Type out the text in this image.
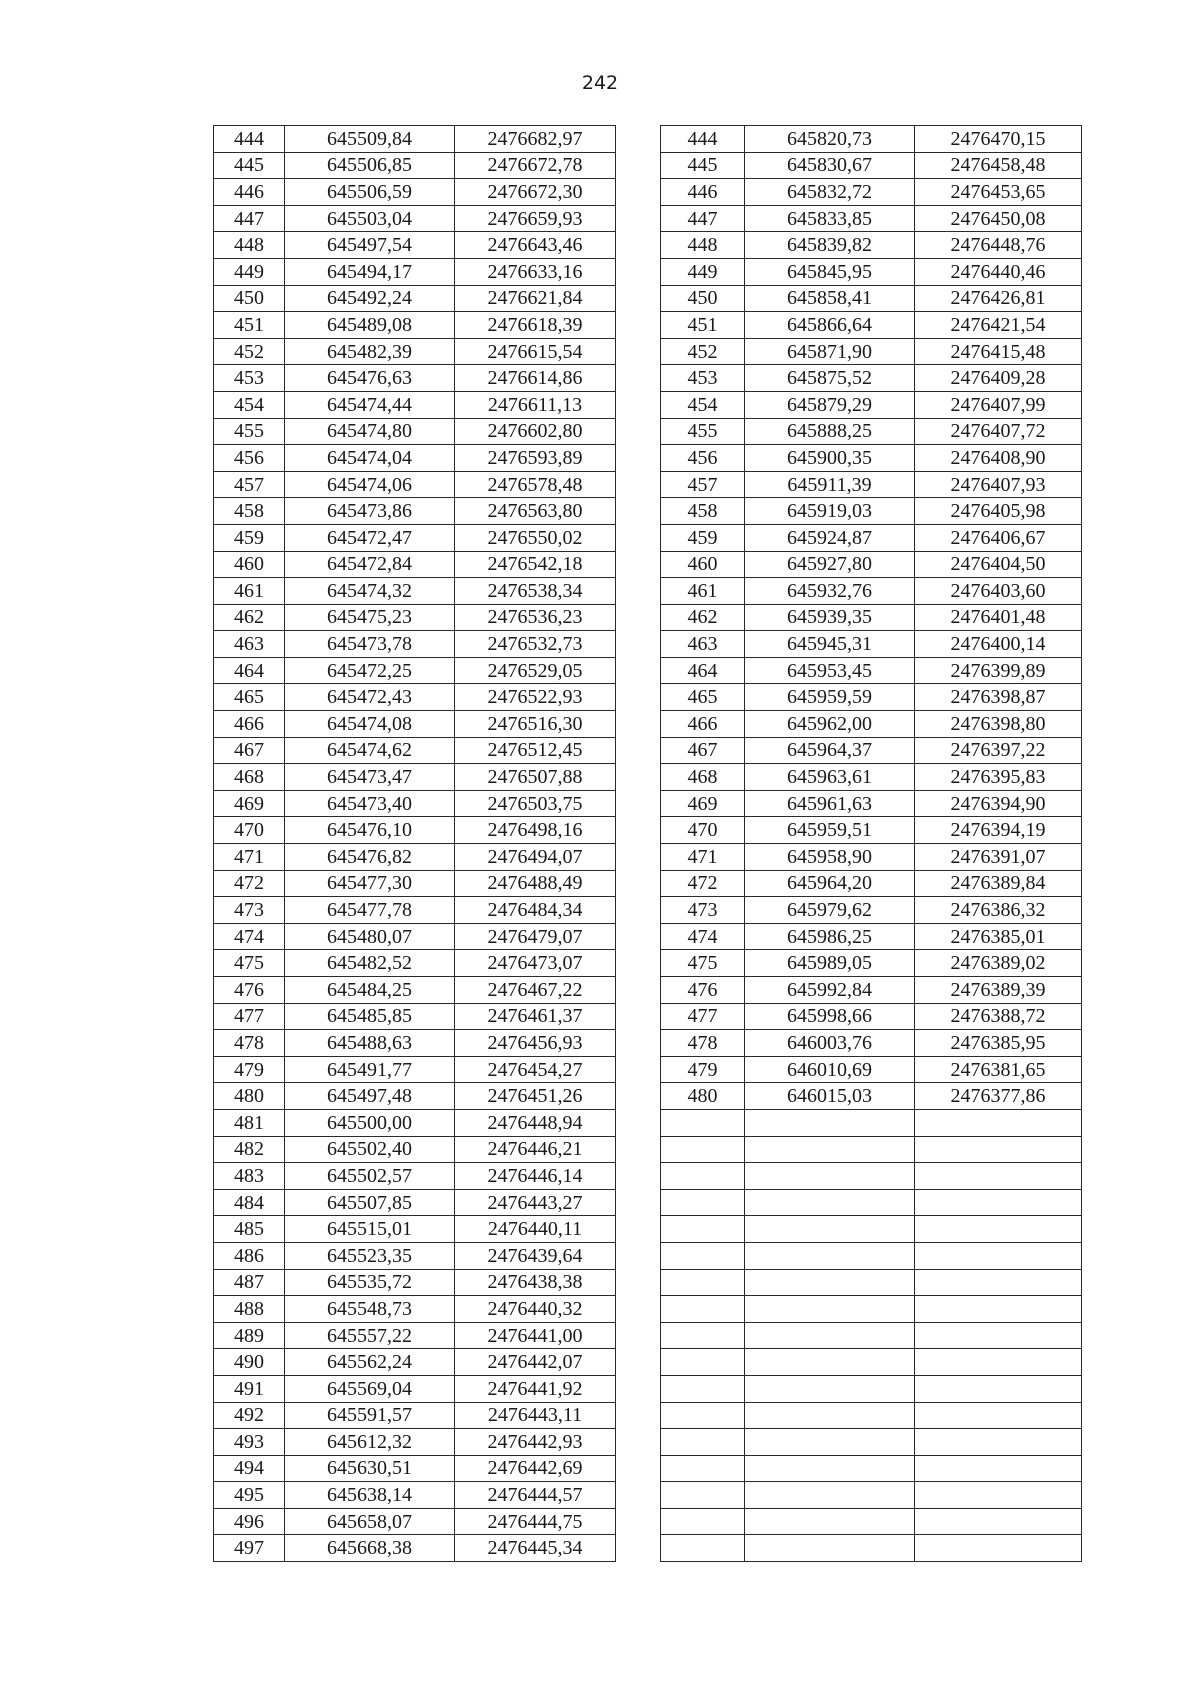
242
444	645509,84	2476682,97		444	645820,73	2476470,15
445	645506,85	2476672,78		445	645830,67	2476458,48
446	645506,59	2476672,30		446	645832,72	2476453,65
447	645503,04	2476659,93		447	645833,85	2476450,08
448	645497,54	2476643,46		448	645839,82	2476448,76
449	645494,17	2476633,16		449	645845,95	2476440,46
450	645492,24	2476621,84		450	645858,41	2476426,81
451	645489,08	2476618,39		451	645866,64	2476421,54
452	645482,39	2476615,54		452	645871,90	2476415,48
453	645476,63	2476614,86		453	645875,52	2476409,28
454	645474,44	2476611,13		454	645879,29	2476407,99
455	645474,80	2476602,80		455	645888,25	2476407,72
456	645474,04	2476593,89		456	645900,35	2476408,90
457	645474,06	2476578,48		457	645911,39	2476407,93
458	645473,86	2476563,80		458	645919,03	2476405,98
459	645472,47	2476550,02		459	645924,87	2476406,67
460	645472,84	2476542,18		460	645927,80	2476404,50
461	645474,32	2476538,34		461	645932,76	2476403,60
462	645475,23	2476536,23		462	645939,35	2476401,48
463	645473,78	2476532,73		463	645945,31	2476400,14
464	645472,25	2476529,05		464	645953,45	2476399,89
465	645472,43	2476522,93		465	645959,59	2476398,87
466	645474,08	2476516,30		466	645962,00	2476398,80
467	645474,62	2476512,45		467	645964,37	2476397,22
468	645473,47	2476507,88		468	645963,61	2476395,83
469	645473,40	2476503,75		469	645961,63	2476394,90
470	645476,10	2476498,16		470	645959,51	2476394,19
471	645476,82	2476494,07		471	645958,90	2476391,07
472	645477,30	2476488,49		472	645964,20	2476389,84
473	645477,78	2476484,34		473	645979,62	2476386,32
474	645480,07	2476479,07		474	645986,25	2476385,01
475	645482,52	2476473,07		475	645989,05	2476389,02
476	645484,25	2476467,22		476	645992,84	2476389,39
477	645485,85	2476461,37		477	645998,66	2476388,72
478	645488,63	2476456,93		478	646003,76	2476385,95
479	645491,77	2476454,27		479	646010,69	2476381,65
480	645497,48	2476451,26		480	646015,03	2476377,86
481	645500,00	2476448,94				
482	645502,40	2476446,21				
483	645502,57	2476446,14				
484	645507,85	2476443,27				
485	645515,01	2476440,11				
486	645523,35	2476439,64				
487	645535,72	2476438,38				
488	645548,73	2476440,32				
489	645557,22	2476441,00				
490	645562,24	2476442,07				
491	645569,04	2476441,92				
492	645591,57	2476443,11				
493	645612,32	2476442,93				
494	645630,51	2476442,69				
495	645638,14	2476444,57				
496	645658,07	2476444,75				
497	645668,38	2476445,34				
